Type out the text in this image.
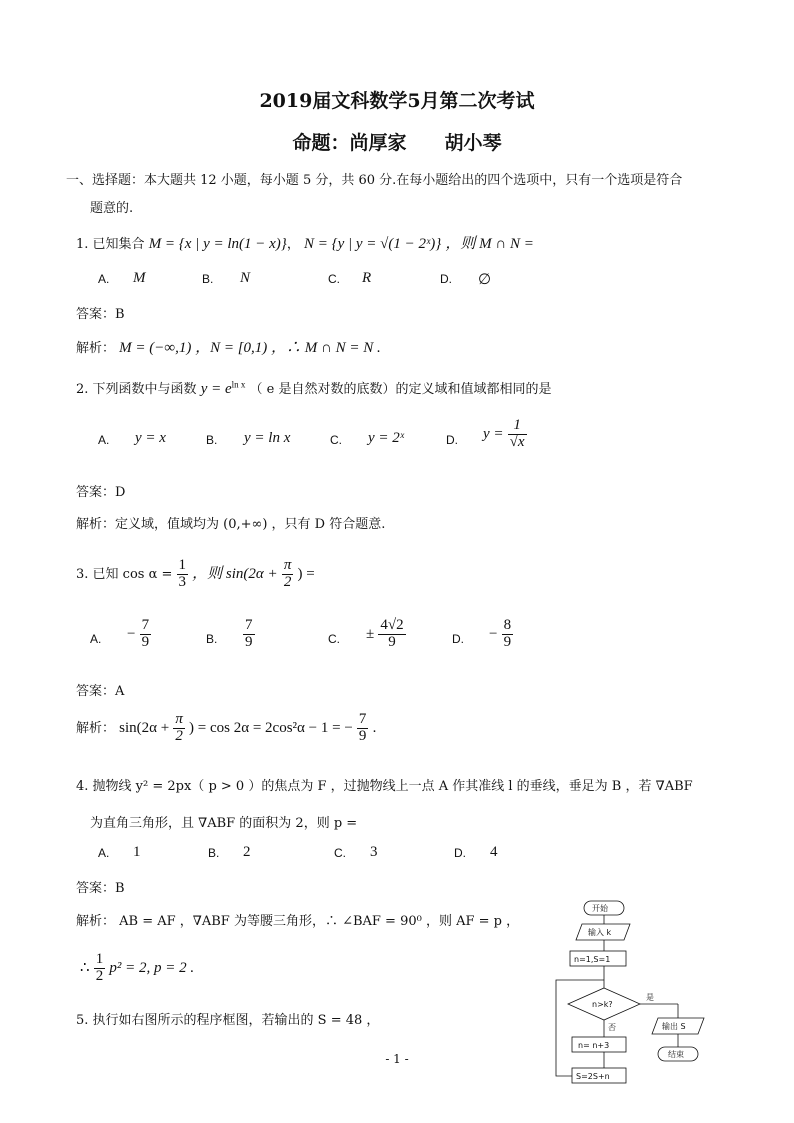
2019届文科数学5月第二次考试
命题：尚厚家　　胡小琴
一、选择题：本大题共 12 小题，每小题 5 分，共 60 分.在每小题给出的四个选项中，只有一个选项是符合
题意的.
1. 已知集合 M = {x | y = ln(1 − x)}， N = {y | y = √(1 − 2ˣ)} ，则 M ∩ N =
A. M	B. N	C. R	D. ∅
答案：B
解析： M = (−∞,1) ，N = [0,1) ，∴ M ∩ N = N .
2. 下列函数中与函数 $y = e^{ln x}$ （ e 是自然对数的底数）的定义域和值域都相同的是
A. y = x	B. y = ln x	C. y = 2ˣ	D. $y = \frac{1}{√x}$
答案：D
解析：定义域，值域均为 (0,+∞) ，只有 D 符合题意.
3. 已知 $\cos \alpha = \frac{1}{3}$ ，则 $\sin(2\alpha + \frac{\pi}{2}$ ) =
A. − $\frac{7}{9}$	B. $\frac{7}{9}$	C. ± $\frac{4√2}{9}$	D. − $\frac{8}{9}$
答案：A
解析： $\sin(2\alpha + \frac{\pi}{2}$ ) = cos 2α = 2cos²α − 1 = − $\frac{7}{9}$ .
4. 抛物线 y² = 2px（ p > 0 ）的焦点为 F ，过抛物线上一点 A 作其准线 l 的垂线，垂足为 B ，若 ∇ABF
为直角三角形，且 ∇ABF 的面积为 2，则 p =
A. 1	B. 2	C. 3	D. 4
答案：B
解析： AB = AF ，∇ABF 为等腰三角形，∴ ∠BAF = 90⁰ ，则 AF = p ，
∴ $\frac{1}{2} p^2 = 2$, p = 2 .
5. 执行如右图所示的程序框图，若输出的 S = 48 ，
开始
输入 k
n=1,S=1
n>k?
是
否
n= n+3
S=2S+n
输出 S
结束
- 1 -
